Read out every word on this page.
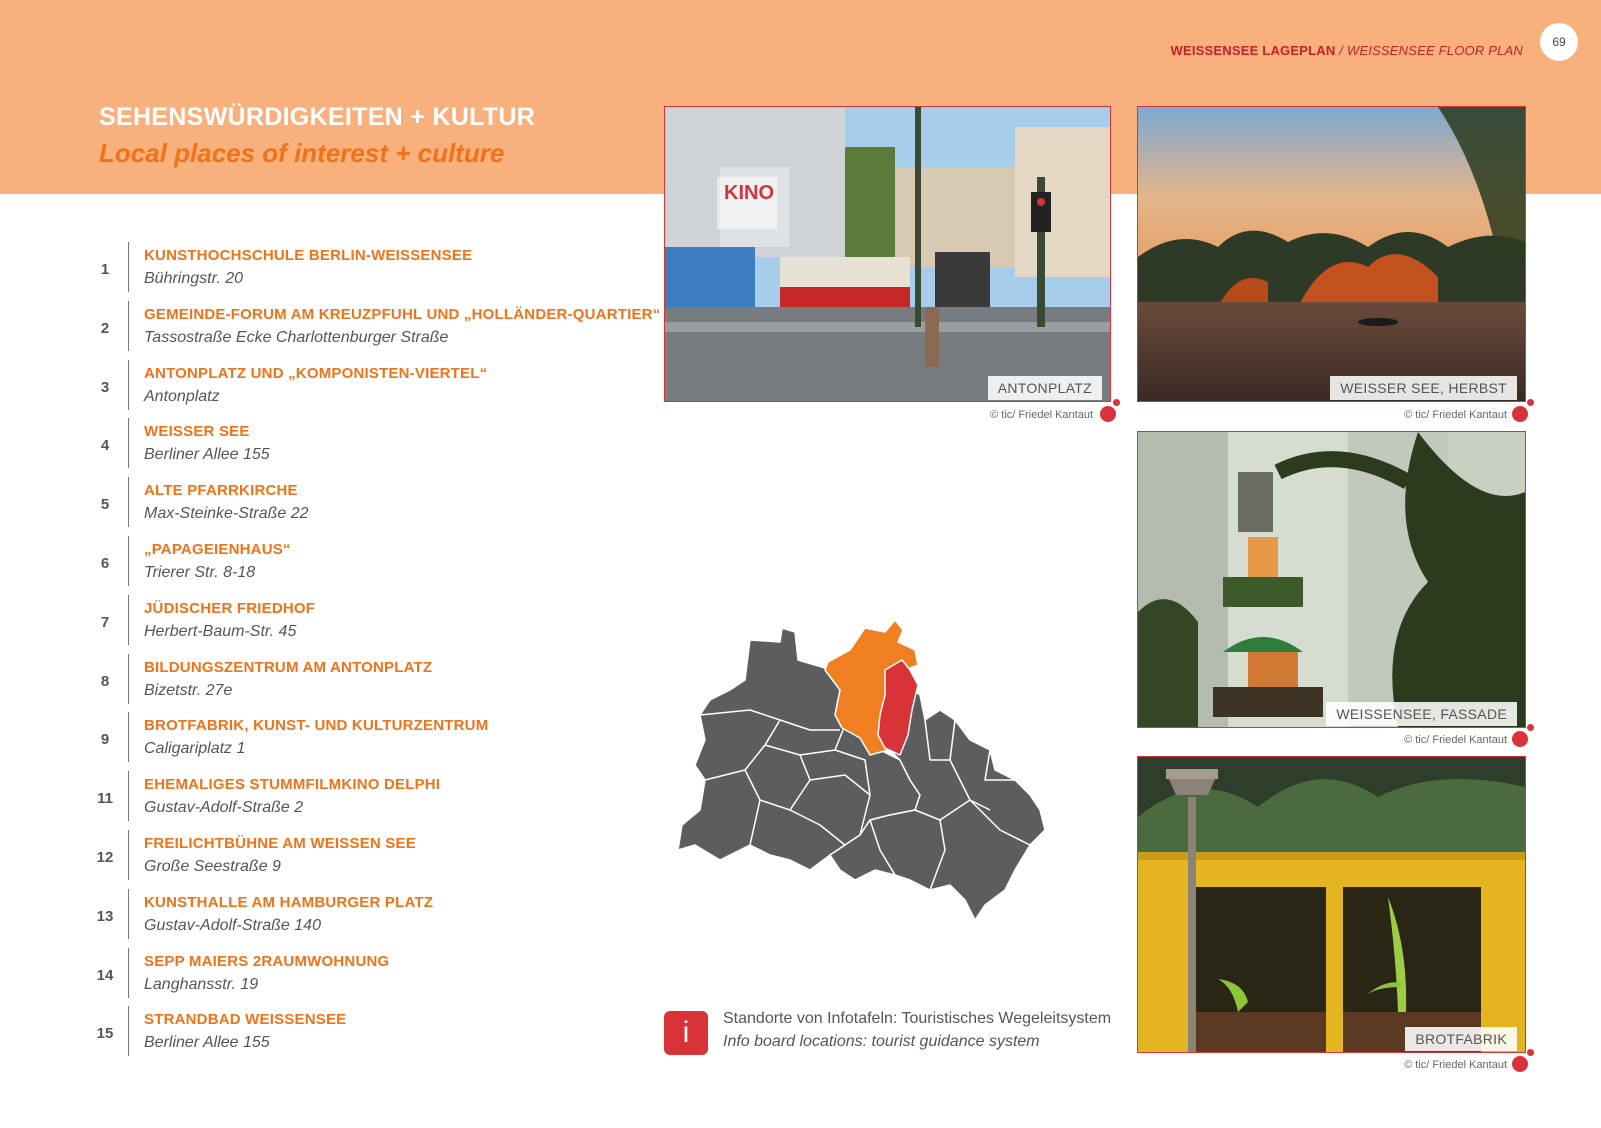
WEISSENSEE LAGEPLAN / WEISSENSEE FLOOR PLAN
69
SEHENSWÜRDIGKEITEN + KULTUR
Local places of interest + culture
1
KUNSTHOCHSCHULE BERLIN-WEISSENSEE
Bühringstr. 20
2
GEMEINDE-FORUM AM KREUZPFUHL UND „HOLLÄNDER-QUARTIER“
Tassostraße Ecke Charlottenburger Straße
3
ANTONPLATZ UND „KOMPONISTEN-VIERTEL“
Antonplatz
4
WEISSER SEE
Berliner Allee 155
5
ALTE PFARRKIRCHE
Max-Steinke-Straße 22
6
„PAPAGEIENHAUS“
Trierer Str. 8-18
7
JÜDISCHER FRIEDHOF
Herbert-Baum-Str. 45
8
BILDUNGSZENTRUM AM ANTONPLATZ
Bizetstr. 27e
9
BROTFABRIK, KUNST- UND KULTURZENTRUM
Caligariplatz 1
11
EHEMALIGES STUMMFILMKINO DELPHI
Gustav-Adolf-Straße 2
12
FREILICHTBÜHNE AM WEISSEN SEE
Große Seestraße 9
13
KUNSTHALLE AM HAMBURGER PLATZ
Gustav-Adolf-Straße 140
14
SEPP MAIERS 2RAUMWOHNUNG
Langhansstr. 19
15
STRANDBAD WEISSENSEE
Berliner Allee 155
KINO
ANTONPLATZ
© tic/ Friedel Kantaut
WEISSER SEE, HERBST
© tic/ Friedel Kantaut
WEISSENSEE, FASSADE
© tic/ Friedel Kantaut
BROTFABRIK
© tic/ Friedel Kantaut
i	Standorte von Infotafeln: Touristisches Wegeleitsystem
Info board locations: tourist guidance system
